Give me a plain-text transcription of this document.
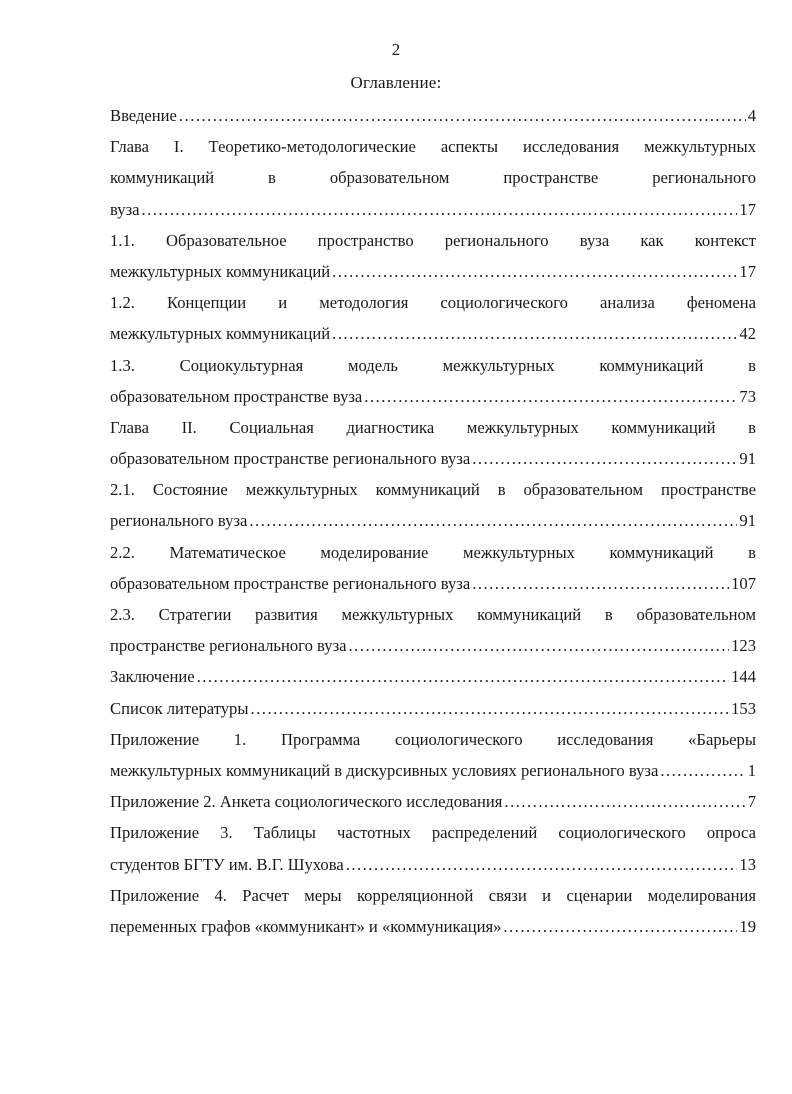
2
Оглавление:
Введение .....	4
Глава I. Теоретико-методологические аспекты исследования межкультурных
коммуникаций в образовательном пространстве регионального
вуза .....	17
1.1. Образовательное пространство регионального вуза как контекст
межкультурных коммуникаций .....	17
1.2. Концепции и методология социологического анализа феномена
межкультурных коммуникаций .....	42
1.3. Социокультурная модель межкультурных коммуникаций в
образовательном пространстве вуза .....	73
Глава II. Социальная диагностика межкультурных коммуникаций в
образовательном пространстве регионального вуза .....	91
2.1. Состояние межкультурных коммуникаций в образовательном пространстве
регионального вуза .....	91
2.2. Математическое моделирование межкультурных коммуникаций в
образовательном пространстве регионального вуза .....	107
2.3. Стратегии развития межкультурных коммуникаций в образовательном
пространстве регионального вуза .....	123
Заключение .....	144
Список литературы .....	153
Приложение 1. Программа социологического исследования «Барьеры
межкультурных коммуникаций в дискурсивных условиях регионального вуза .....	1
Приложение 2. Анкета социологического исследования .....	7
Приложение 3. Таблицы частотных распределений социологического опроса
студентов БГТУ им. В.Г. Шухова .....	13
Приложение 4. Расчет меры корреляционной связи и сценарии моделирования
переменных графов «коммуникант» и «коммуникация» .....	19
